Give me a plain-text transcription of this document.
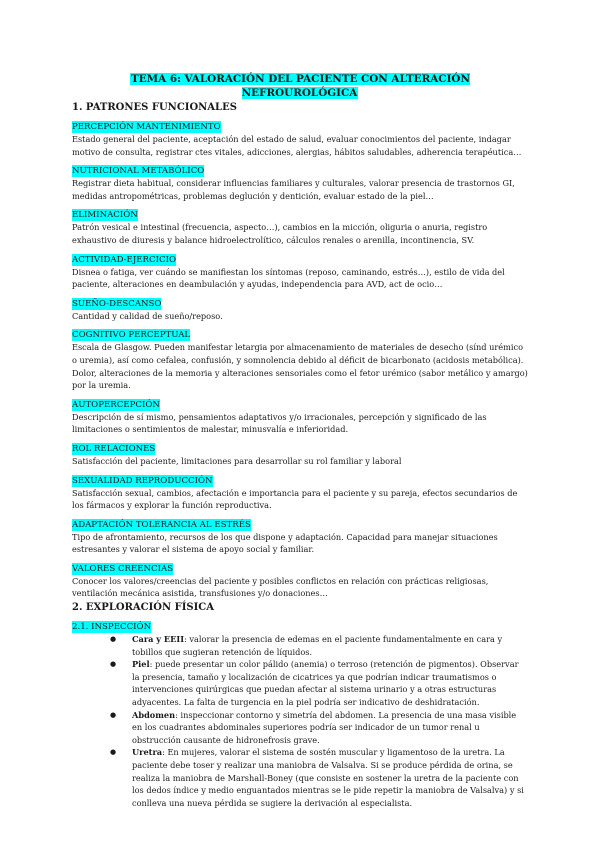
TEMA 6: VALORACIÓN DEL PACIENTE CON ALTERACIÓN NEFROUROLÓGICA

1. PATRONES FUNCIONALES

PERCEPCIÓN MANTENIMIENTO

Estado general del paciente, aceptación del estado de salud, evaluar conocimientos del paciente, indagar motivo de consulta, registrar ctes vitales, adicciones, alergias, hábitos saludables, adherencia terapéutica…

NUTRICIONAL METABÓLICO

Registrar dieta habitual, considerar influencias familiares y culturales, valorar presencia de trastornos GI, medidas antropométricas, problemas deglución y dentición, evaluar estado de la piel…

ELIMINACIÓN

Patrón vesical e intestinal (frecuencia, aspecto…), cambios en la micción, oliguria o anuria, registro exhaustivo de diuresis y balance hidroelectrolítico, cálculos renales o arenilla, incontinencia, SV.

ACTIVIDAD-EJERCICIO

Disnea o fatiga, ver cuándo se manifiestan los síntomas (reposo, caminando, estrés…), estilo de vida del paciente, alteraciones en deambulación y ayudas, independencia para AVD, act de ocio…

SUEÑO-DESCANSO

Cantidad y calidad de sueño/reposo.

COGNITIVO PERCEPTUAL

Escala de Glasgow. Pueden manifestar letargia por almacenamiento de materiales de desecho (sínd urémico o uremia), así como cefalea, confusión, y somnolencia debido al déficit de bicarbonato (acidosis metabólica). Dolor, alteraciones de la memoria y alteraciones sensoriales como el fetor urémico (sabor metálico y amargo) por la uremia.

AUTOPERCEPCIÓN

Descripción de sí mismo, pensamientos adaptativos y/o irracionales, percepción y significado de las limitaciones o sentimientos de malestar, minusvalía e inferioridad.

ROL RELACIONES

Satisfacción del paciente, limitaciones para desarrollar su rol familiar y laboral

SEXUALIDAD REPRODUCCIÓN

Satisfacción sexual, cambios, afectación e importancia para el paciente y su pareja, efectos secundarios de los fármacos y explorar la función reproductiva.

ADAPTACIÓN TOLERANCIA AL ESTRÉS

Tipo de afrontamiento, recursos de los que dispone y adaptación. Capacidad para manejar situaciones estresantes y valorar el sistema de apoyo social y familiar.

VALORES CREENCIAS

Conocer los valores/creencias del paciente y posibles conflictos en relación con prácticas religiosas, ventilación mecánica asistida, transfusiones y/o donaciones…

2. EXPLORACIÓN FÍSICA

2.1. INSPECCIÓN
● Cara y EEII: valorar la presencia de edemas en el paciente fundamentalmente en cara y tobillos que sugieran retención de líquidos.
● Piel: puede presentar un color pálido (anemia) o terroso (retención de pigmentos). Observar la presencia, tamaño y localización de cicatrices ya que podrían indicar traumatismos o intervenciones quirúrgicas que puedan afectar al sistema urinario y a otras estructuras adyacentes. La falta de turgencia en la piel podría ser indicativo de deshidratación.
● Abdomen: inspeccionar contorno y simetría del abdomen. La presencia de una masa visible en los cuadrantes abdominales superiores podría ser indicador de un tumor renal u obstrucción causante de hidronefrosis grave.
● Uretra: En mujeres, valorar el sistema de sostén muscular y ligamentoso de la uretra. La paciente debe toser y realizar una maniobra de Valsalva. Si se produce pérdida de orina, se realiza la maniobra de Marshall-Boney (que consiste en sostener la uretra de la paciente con los dedos índice y medio enguantados mientras se le pide repetir la maniobra de Valsalva) y si conlleva una nueva pérdida se sugiere la derivación al especialista.
